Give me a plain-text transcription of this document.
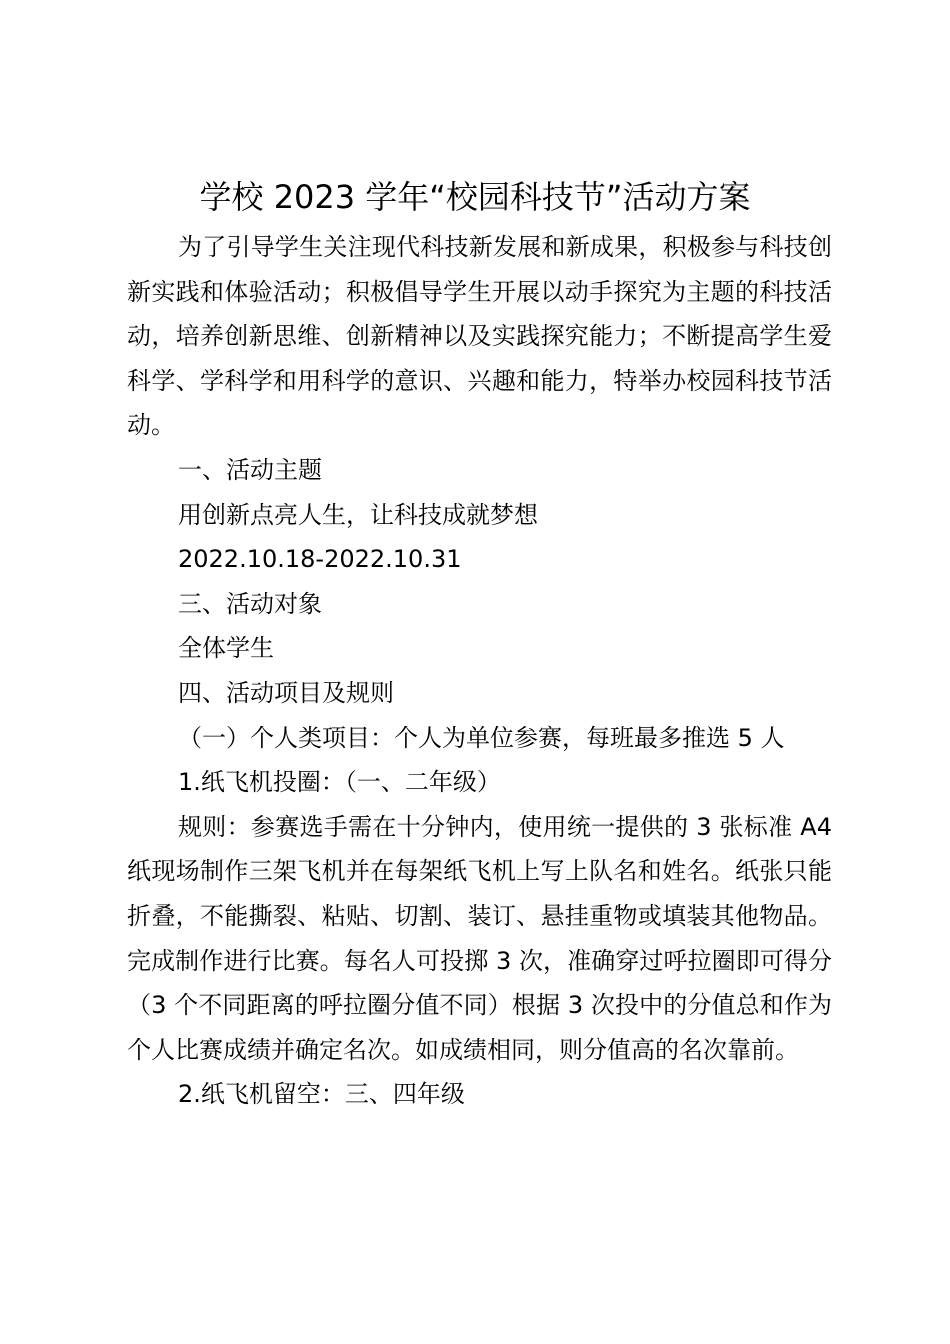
学校 2023 学年“校园科技节”活动方案

为了引导学生关注现代科技新发展和新成果，积极参与科技创新实践和体验活动；积极倡导学生开展以动手探究为主题的科技活动，培养创新思维、创新精神以及实践探究能力；不断提高学生爱科学、学科学和用科学的意识、兴趣和能力，特举办校园科技节活动。

一、活动主题

用创新点亮人生，让科技成就梦想

2022.10.18-2022.10.31

三、活动对象

全体学生

四、活动项目及规则

（一）个人类项目：个人为单位参赛，每班最多推选 5 人

1.纸飞机投圈：（一、二年级）

规则：参赛选手需在十分钟内，使用统一提供的 3 张标准 A4 纸现场制作三架飞机并在每架纸飞机上写上队名和姓名。纸张只能折叠，不能撕裂、粘贴、切割、装订、悬挂重物或填装其他物品。完成制作进行比赛。每名人可投掷 3 次，准确穿过呼拉圈即可得分（3 个不同距离的呼拉圈分值不同）根据 3 次投中的分值总和作为个人比赛成绩并确定名次。如成绩相同，则分值高的名次靠前。

2.纸飞机留空：三、四年级
